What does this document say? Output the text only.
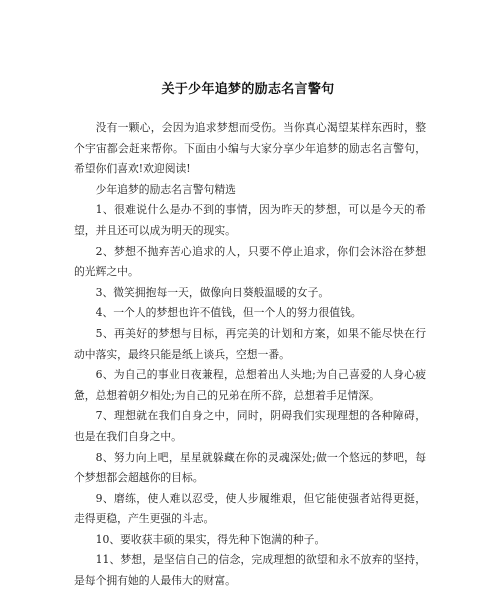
关于少年追梦的励志名言警句

没有一颗心，会因为追求梦想而受伤。当你真心渴望某样东西时，整个宇宙都会赶来帮你。下面由小编与大家分享少年追梦的励志名言警句，希望你们喜欢!欢迎阅读!

少年追梦的励志名言警句精选

1、很难说什么是办不到的事情，因为昨天的梦想，可以是今天的希望，并且还可以成为明天的现实。

2、梦想不抛弃苦心追求的人，只要不停止追求，你们会沐浴在梦想的光辉之中。

3、微笑拥抱每一天，做像向日葵般温暖的女子。

4、一个人的梦想也许不值钱，但一个人的努力很值钱。

5、再美好的梦想与目标，再完美的计划和方案，如果不能尽快在行动中落实，最终只能是纸上谈兵，空想一番。

6、为自己的事业日夜兼程，总想着出人头地;为自己喜爱的人身心疲惫，总想着朝夕相处;为自己的兄弟在所不辞，总想着手足情深。

7、理想就在我们自身之中，同时，阴碍我们实现理想的各种障碍，也是在我们自身之中。

8、努力向上吧，星星就躲藏在你的灵魂深处;做一个悠远的梦吧，每个梦想都会超越你的目标。

9、磨练，使人难以忍受，使人步履维艰，但它能使强者站得更挺，走得更稳，产生更强的斗志。

10、要收获丰硕的果实，得先种下饱满的种子。

11、梦想，是坚信自己的信念，完成理想的欲望和永不放弃的坚持，是每个拥有她的人最伟大的财富。
